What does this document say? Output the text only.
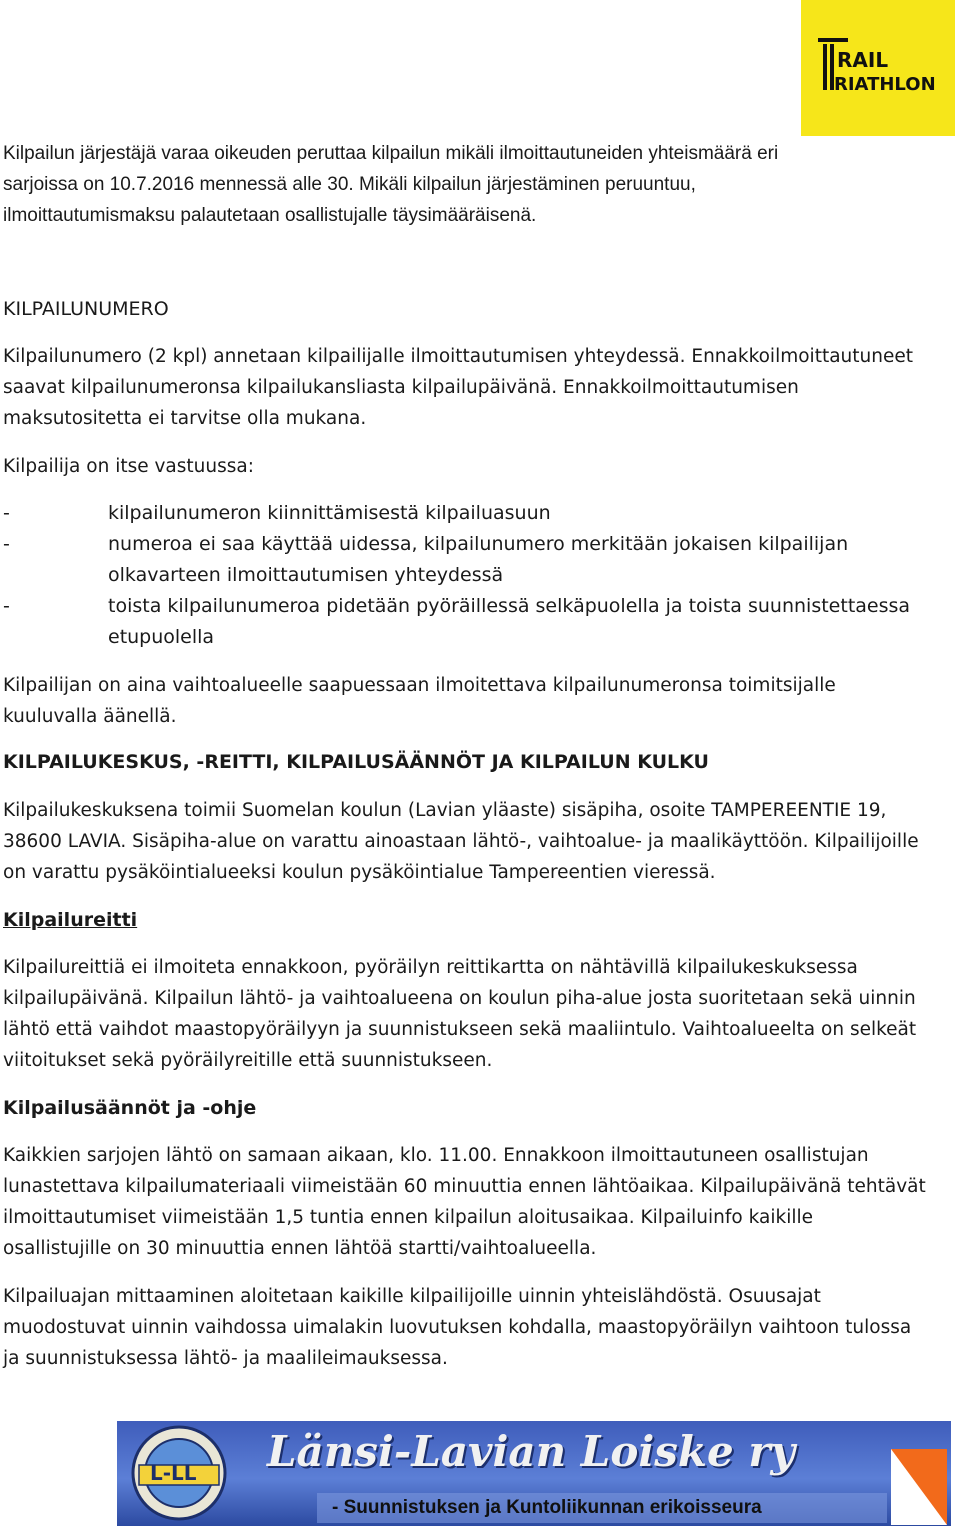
RAIL
RIATHLON
Kilpailun järjestäjä varaa oikeuden peruttaa kilpailun mikäli ilmoittautuneiden yhteismäärä eri
sarjoissa on 10.7.2016 mennessä alle 30. Mikäli kilpailun järjestäminen peruuntuu,
ilmoittautumismaksu palautetaan osallistujalle täysimääräisenä.
KILPAILUNUMERO
Kilpailunumero (2 kpl) annetaan kilpailijalle ilmoittautumisen yhteydessä. Ennakkoilmoittautuneet
saavat kilpailunumeronsa kilpailukansliasta kilpailupäivänä. Ennakkoilmoittautumisen
maksutositetta ei tarvitse olla mukana.
Kilpailija on itse vastuussa:
-	kilpailunumeron kiinnittämisestä kilpailuasuun
-	numeroa ei saa käyttää uidessa, kilpailunumero merkitään jokaisen kilpailijan
olkavarteen ilmoittautumisen yhteydessä
-	toista kilpailunumeroa pidetään pyöräillessä selkäpuolella ja toista suunnistettaessa
etupuolella
Kilpailijan on aina vaihtoalueelle saapuessaan ilmoitettava kilpailunumeronsa toimitsijalle
kuuluvalla äänellä.
KILPAILUKESKUS, -REITTI, KILPAILUSÄÄNNÖT JA KILPAILUN KULKU
Kilpailukeskuksena toimii Suomelan koulun (Lavian yläaste) sisäpiha, osoite TAMPEREENTIE 19,
38600 LAVIA. Sisäpiha-alue on varattu ainoastaan lähtö-, vaihtoalue- ja maalikäyttöön. Kilpailijoille
on varattu pysäköintialueeksi koulun pysäköintialue Tampereentien vieressä.
Kilpailureitti
Kilpailureittiä ei ilmoiteta ennakkoon, pyöräilyn reittikartta on nähtävillä kilpailukeskuksessa
kilpailupäivänä. Kilpailun lähtö- ja vaihtoalueena on koulun piha-alue josta suoritetaan sekä uinnin
lähtö että vaihdot maastopyöräilyyn ja suunnistukseen sekä maaliintulo. Vaihtoalueelta on selkeät
viitoitukset sekä pyöräilyreitille että suunnistukseen.
Kilpailusäännöt ja -ohje
Kaikkien sarjojen lähtö on samaan aikaan, klo. 11.00. Ennakkoon ilmoittautuneen osallistujan
lunastettava kilpailumateriaali viimeistään 60 minuuttia ennen lähtöaikaa. Kilpailupäivänä tehtävät
ilmoittautumiset viimeistään 1,5 tuntia ennen kilpailun aloitusaikaa. Kilpailuinfo kaikille
osallistujille on 30 minuuttia ennen lähtöä startti/vaihtoalueella.
Kilpailuajan mittaaminen aloitetaan kaikille kilpailijoille uinnin yhteislähdöstä. Osuusajat
muodostuvat uinnin vaihdossa uimalakin luovutuksen kohdalla, maastopyöräilyn vaihtoon tulossa
ja suunnistuksessa lähtö- ja maalileimauksessa.
L-LL Länsi-Lavian Loiske ry
- Suunnistuksen ja Kuntoliikunnan erikoisseura
